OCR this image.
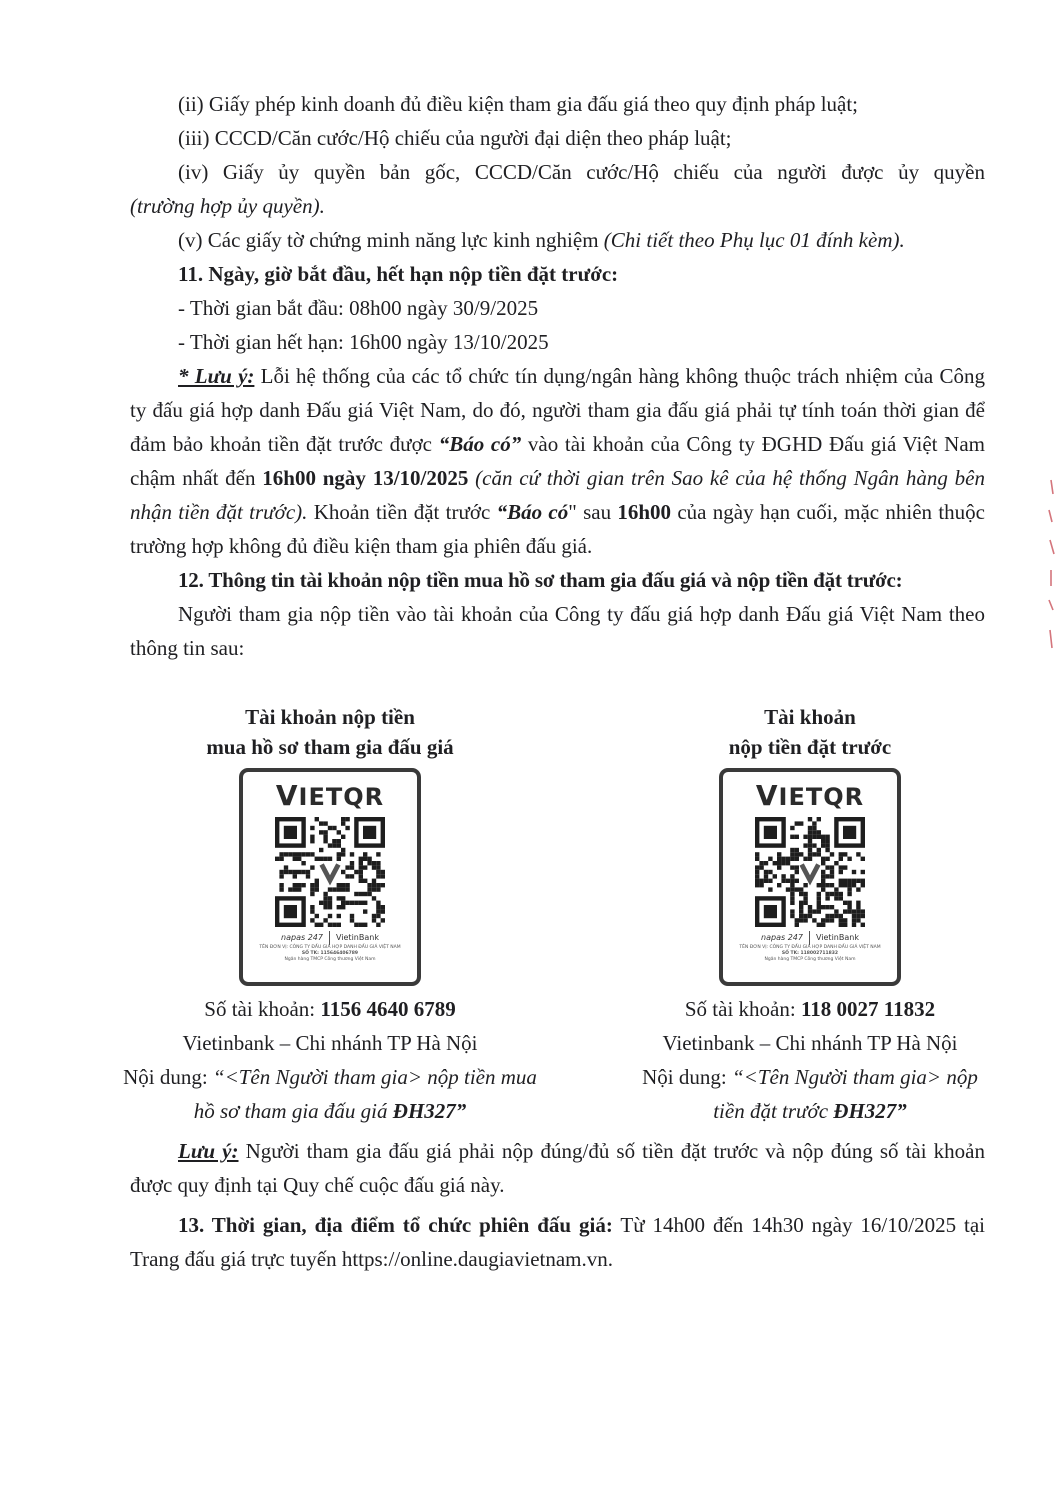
(ii) Giấy phép kinh doanh đủ điều kiện tham gia đấu giá theo quy định pháp luật;

(iii) CCCD/Căn cước/Hộ chiếu của người đại diện theo pháp luật;

(iv) Giấy ủy quyền bản gốc, CCCD/Căn cước/Hộ chiếu của người được ủy quyền

(trường hợp ủy quyền).

(v) Các giấy tờ chứng minh năng lực kinh nghiệm (Chi tiết theo Phụ lục 01 đính kèm).

11. Ngày, giờ bắt đầu, hết hạn nộp tiền đặt trước:

- Thời gian bắt đầu: 08h00 ngày 30/9/2025

- Thời gian hết hạn: 16h00 ngày 13/10/2025

* Lưu ý: Lỗi hệ thống của các tổ chức tín dụng/ngân hàng không thuộc trách nhiệm của Công ty đấu giá hợp danh Đấu giá Việt Nam, do đó, người tham gia đấu giá phải tự tính toán thời gian để đảm bảo khoản tiền đặt trước được “Báo có” vào tài khoản của Công ty ĐGHD Đấu giá Việt Nam chậm nhất đến 16h00 ngày 13/10/2025 (căn cứ thời gian trên Sao kê của hệ thống Ngân hàng bên nhận tiền đặt trước). Khoản tiền đặt trước “Báo có" sau 16h00 của ngày hạn cuối, mặc nhiên thuộc trường hợp không đủ điều kiện tham gia phiên đấu giá.

12. Thông tin tài khoản nộp tiền mua hồ sơ tham gia đấu giá và nộp tiền đặt trước:

Người tham gia nộp tiền vào tài khoản của Công ty đấu giá hợp danh Đấu giá Việt Nam theo thông tin sau:

Tài khoản nộp tiền

mua hồ sơ tham gia đấu giá

VIETQR
napas 247 VietinBank
TÊN ĐƠN VỊ: CÔNG TY ĐẤU GIÁ HỢP DANH ĐẤU GIÁ VIỆT NAM
SỐ TK: 115646406789
Ngân hàng TMCP Công thương Việt Nam

Số tài khoản: 1156 4640 6789

Vietinbank – Chi nhánh TP Hà Nội

Nội dung: “<Tên Người tham gia> nộp tiền mua

hồ sơ tham gia đấu giá ĐH327”

Tài khoản

nộp tiền đặt trước

VIETQR
napas 247 VietinBank
TÊN ĐƠN VỊ: CÔNG TY ĐẤU GIÁ HỢP DANH ĐẤU GIÁ VIỆT NAM
SỐ TK: 118002711832
Ngân hàng TMCP Công thương Việt Nam

Số tài khoản: 118 0027 11832

Vietinbank – Chi nhánh TP Hà Nội

Nội dung: “<Tên Người tham gia> nộp

tiền đặt trước ĐH327”

Lưu ý: Người tham gia đấu giá phải nộp đúng/đủ số tiền đặt trước và nộp đúng số tài khoản được quy định tại Quy chế cuộc đấu giá này.

13. Thời gian, địa điểm tổ chức phiên đấu giá: Từ 14h00 đến 14h30 ngày 16/10/2025 tại Trang đấu giá trực tuyến https://online.daugiavietnam.vn.
